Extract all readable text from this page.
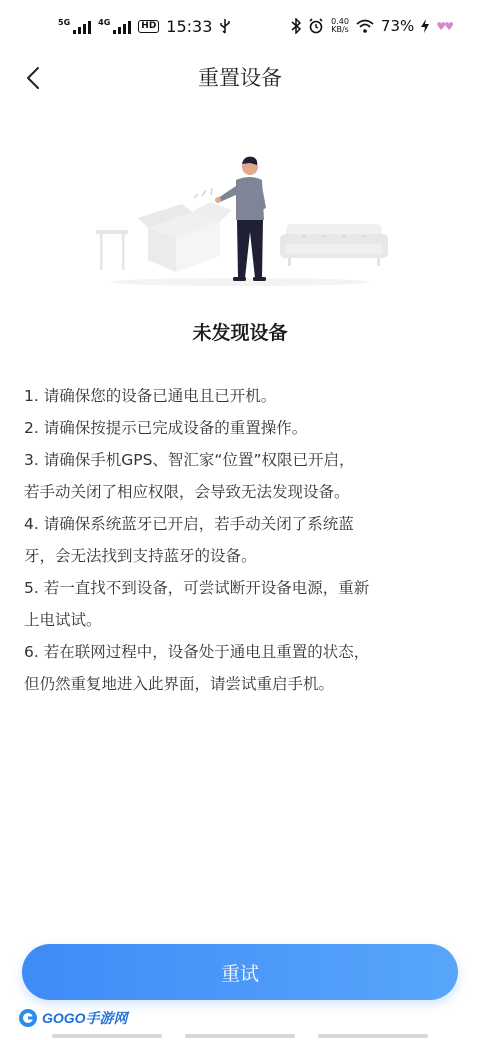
5G	4G	HD 15:33	0.40
KB/s 73% ♥♥
重置设备
未发现设备
1. 请确保您的设备已通电且已开机。
2. 请确保按提示已完成设备的重置操作。
3. 请确保手机GPS、智汇家“位置”权限已开启，
若手动关闭了相应权限，会导致无法发现设备。
4. 请确保系统蓝牙已开启，若手动关闭了系统蓝
牙，会无法找到支持蓝牙的设备。
5. 若一直找不到设备，可尝试断开设备电源，重新
上电试试。
6. 若在联网过程中，设备处于通电且重置的状态，
但仍然重复地进入此界面，请尝试重启手机。
重试
GOGO手游网
